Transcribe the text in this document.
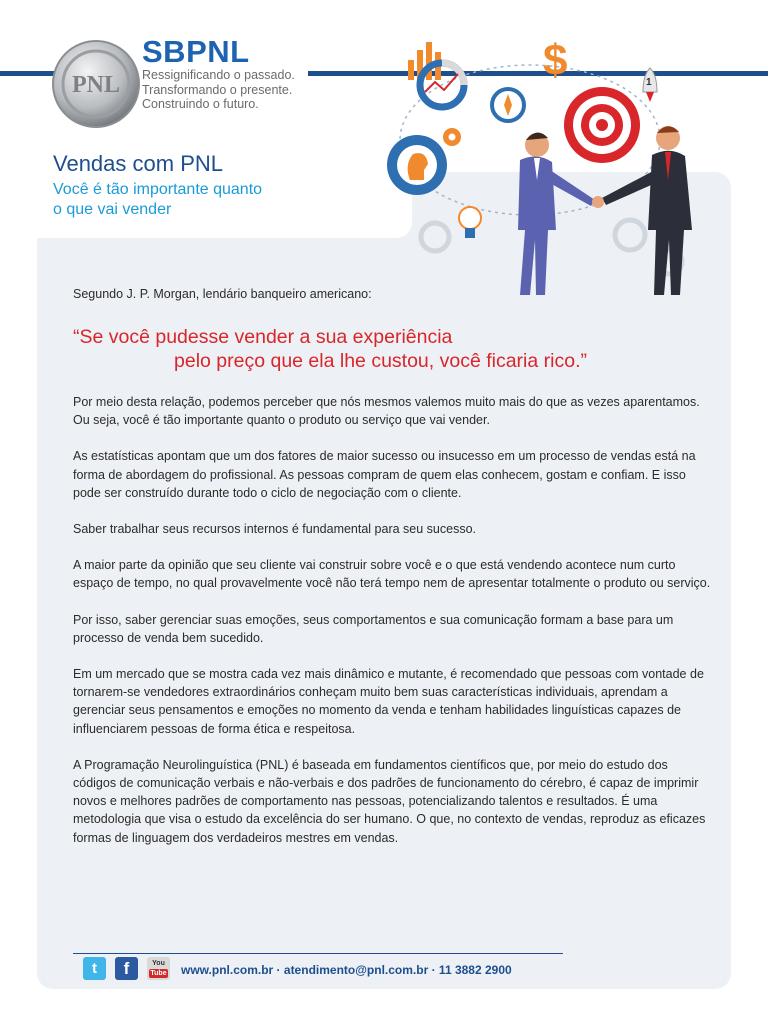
PNL
SBPNL
Ressignificando o passado.
Transformando o presente.
Construindo o futuro.
Vendas com PNL
Você é tão importante quanto
o que vai vender
$	1

Segundo J. P. Morgan, lendário banqueiro americano:

“Se você pudesse vender a sua experiência
pelo preço que ela lhe custou, você ficaria rico.”

Por meio desta relação, podemos perceber que nós mesmos valemos muito mais do que as vezes aparentamos. Ou seja, você é tão importante quanto o produto ou serviço que vai vender.

As estatísticas apontam que um dos fatores de maior sucesso ou insucesso em um processo de vendas está na forma de abordagem do profissional. As pessoas compram de quem elas conhecem, gostam e confiam. E isso pode ser construído durante todo o ciclo de negociação com o cliente.

Saber trabalhar seus recursos internos é fundamental para seu sucesso.

A maior parte da opinião que seu cliente vai construir sobre você e o que está vendendo acontece num curto espaço de tempo, no qual provavelmente você não terá tempo nem de apresentar totalmente o produto ou serviço.

Por isso, saber gerenciar suas emoções, seus comportamentos e sua comunicação formam a base para um processo de venda bem sucedido.

Em um mercado que se mostra cada vez mais dinâmico e mutante, é recomendado que pessoas com vontade de tornarem-se vendedores extraordinários conheçam muito bem suas características individuais, aprendam a gerenciar seus pensamentos e emoções no momento da venda e tenham habilidades linguísticas capazes de influenciarem pessoas de forma ética e respeitosa.

A Programação Neurolinguística (PNL) é baseada em fundamentos científicos que, por meio do estudo dos códigos de comunicação verbais e não-verbais e dos padrões de funcionamento do cérebro, é capaz de imprimir novos e melhores padrões de comportamento nas pessoas, potencializando talentos e resultados. É uma metodologia que visa o estudo da excelência do ser humano. O que, no contexto de vendas, reproduz as eficazes formas de linguagem dos verdadeiros mestres em vendas.

t	f	You
Tube www.pnl.com.br · atendimento@pnl.com.br · 11 3882 2900
